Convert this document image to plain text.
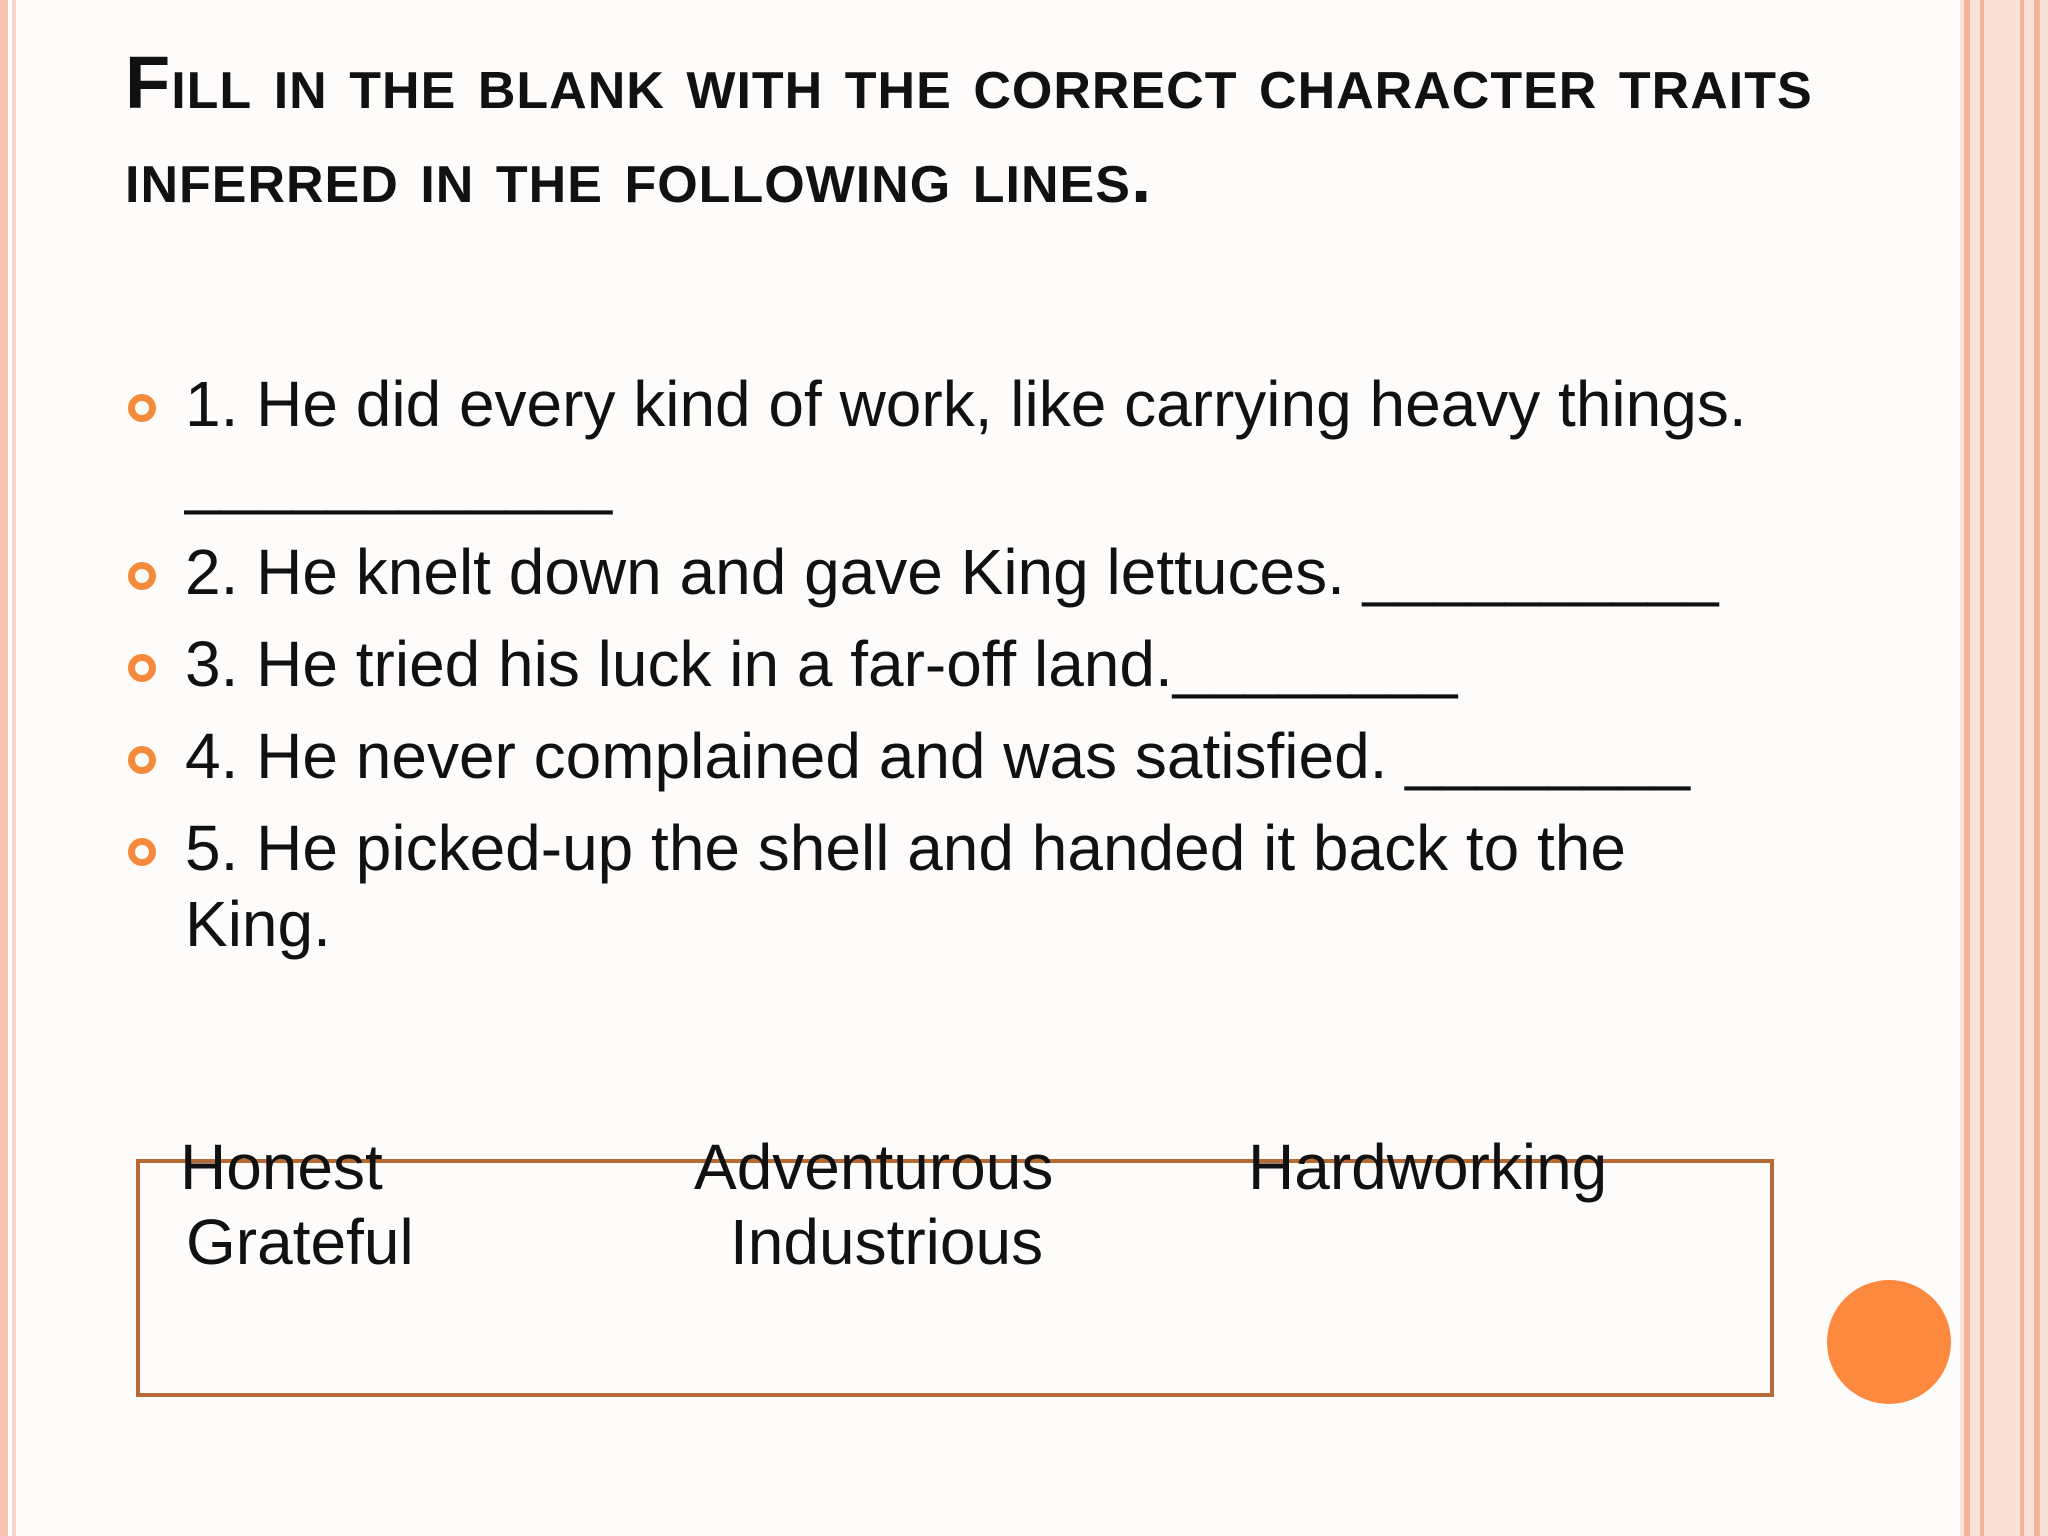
Fill in the blank with the correct character traits inferred in the following lines.
1. He did every kind of work, like carrying heavy things. ____________
2. He knelt down and gave King lettuces. __________
3. He tried his luck in a far-off land.________
4. He never complained and was satisfied. ________
5. He picked-up the shell and handed it back to the King.
Honest	Adventurous	Hardworking
Grateful	Industrious
